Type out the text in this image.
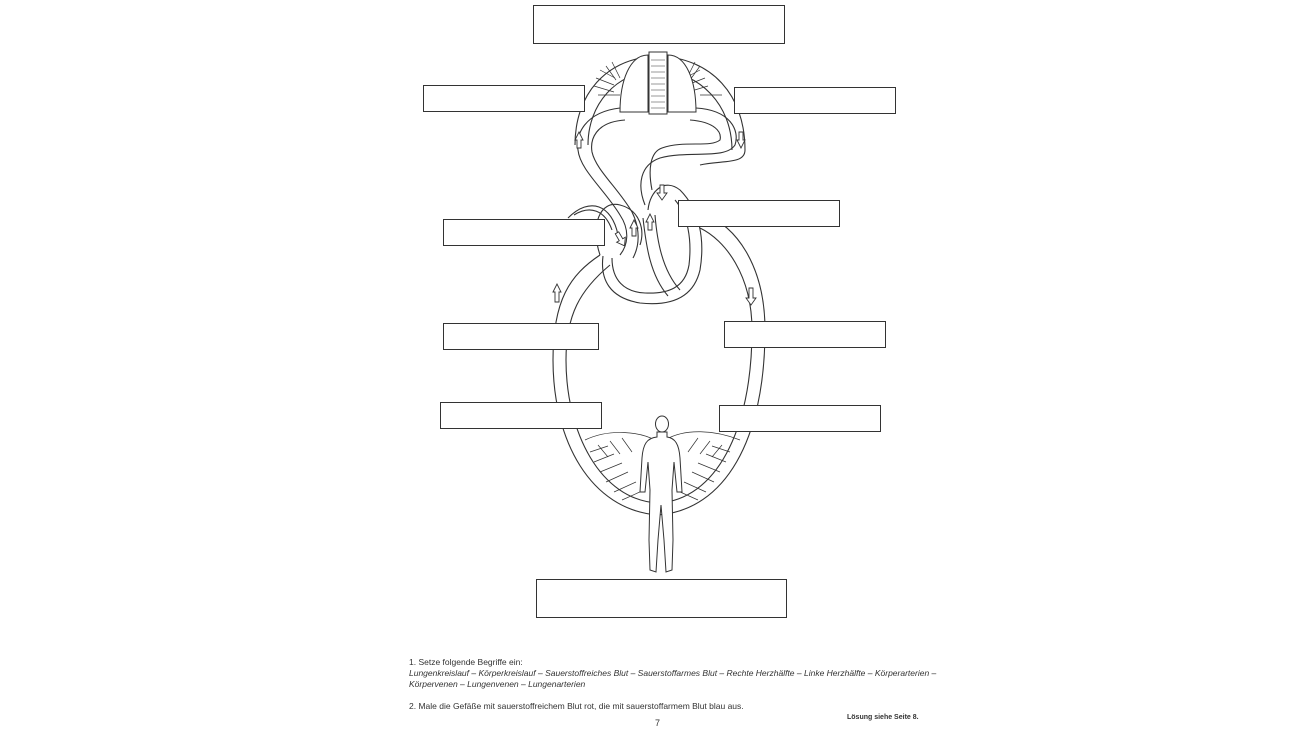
1. Setze folgende Begriffe ein:
Lungenkreislauf – Körperkreislauf – Sauerstoffreiches Blut – Sauerstoffarmes Blut – Rechte Herzhälfte – Linke Herzhälfte – Körperarterien –
Körpervenen – Lungenvenen – Lungenarterien
2. Male die Gefäße mit sauerstoffreichem Blut rot, die mit sauerstoffarmem Blut blau aus.
7
Lösung siehe Seite 8.
